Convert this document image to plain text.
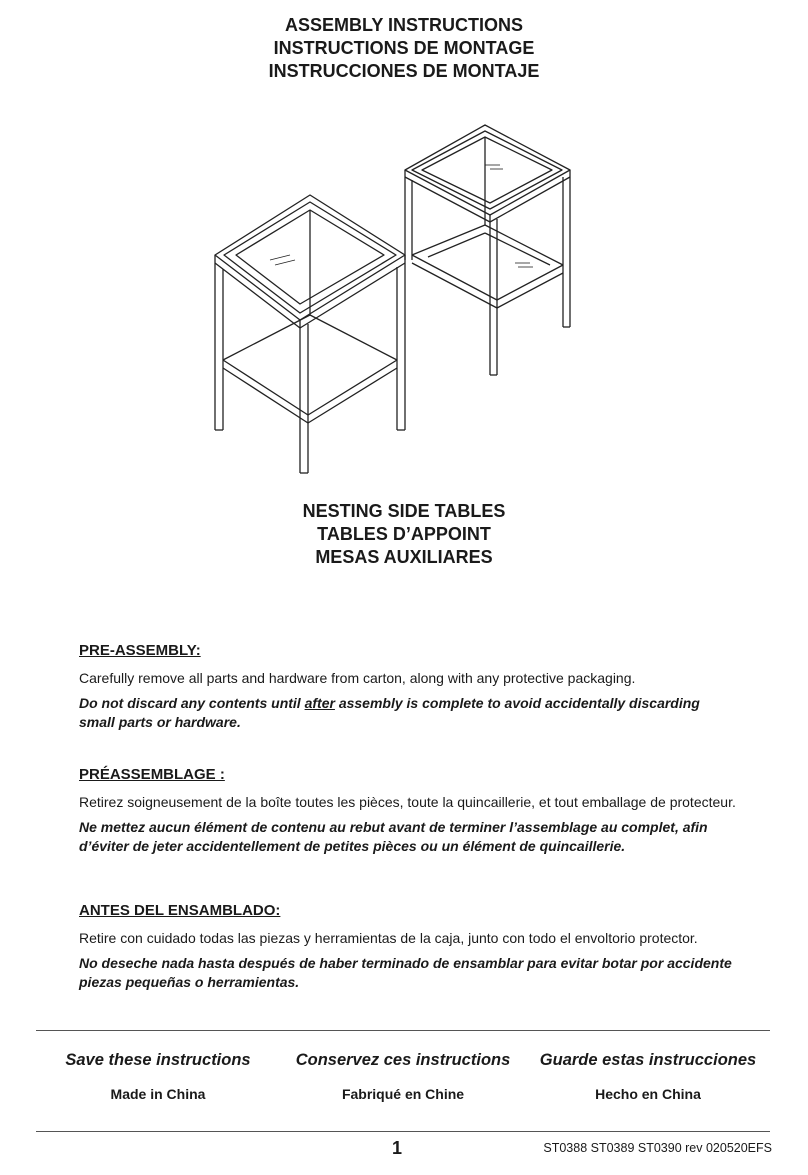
ASSEMBLY INSTRUCTIONS
INSTRUCTIONS DE MONTAGE
INSTRUCCIONES DE MONTAJE
NESTING SIDE TABLES
TABLES D’APPOINT
MESAS AUXILIARES
PRE-ASSEMBLY:
Carefully remove all parts and hardware from carton, along with any protective packaging.
Do not discard any contents until after assembly is complete to avoid accidentally discarding small parts or hardware.
PRÉASSEMBLAGE :
Retirez soigneusement de la boîte toutes les pièces, toute la quincaillerie, et tout emballage de protecteur.
Ne mettez aucun élément de contenu au rebut avant de terminer l’assemblage au complet, afin d’éviter de jeter accidentellement de petites pièces ou un élément de quincaillerie.
ANTES DEL ENSAMBLADO:
Retire con cuidado todas las piezas y herramientas de la caja, junto con todo el envoltorio protector.
No deseche nada hasta después de haber terminado de ensamblar para evitar botar por accidente piezas pequeñas o herramientas.
Save these instructions	Conservez ces instructions	Guarde estas instrucciones
Made in China	Fabriqué en Chine	Hecho en China
1	ST0388 ST0389 ST0390 rev 020520EFS
